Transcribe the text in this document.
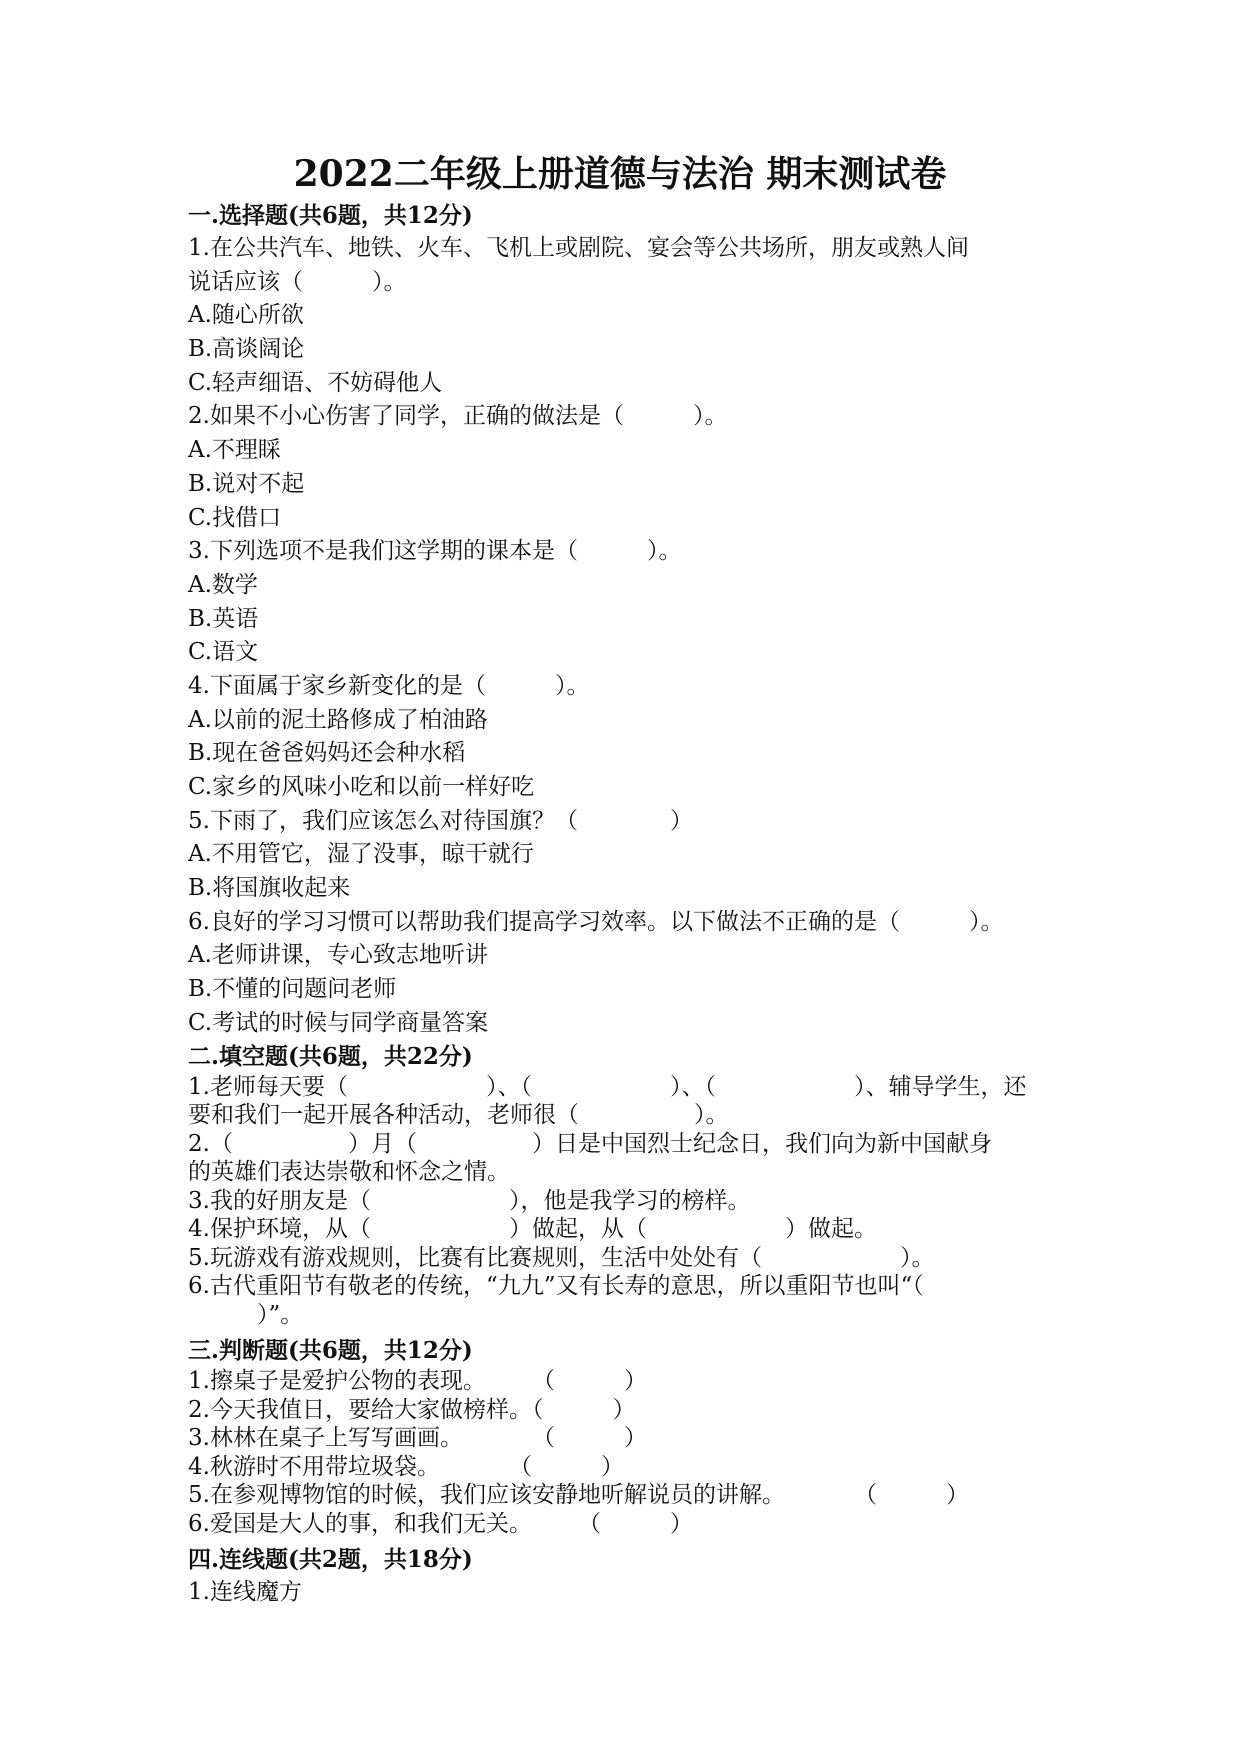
2022二年级上册道德与法治 期末测试卷
一.选择题(共6题，共12分)
1.在公共汽车、地铁、火车、飞机上或剧院、宴会等公共场所，朋友或熟人间
说话应该（　　　）。
A.随心所欲
B.高谈阔论
C.轻声细语、不妨碍他人
2.如果不小心伤害了同学，正确的做法是（　　　）。
A.不理睬
B.说对不起
C.找借口
3.下列选项不是我们这学期的课本是（　　　）。
A.数学
B.英语
C.语文
4.下面属于家乡新变化的是（　　　）。
A.以前的泥土路修成了柏油路
B.现在爸爸妈妈还会种水稻
C.家乡的风味小吃和以前一样好吃
5.下雨了，我们应该怎么对待国旗？（　　　　）
A.不用管它，湿了没事，晾干就行
B.将国旗收起来
6.良好的学习习惯可以帮助我们提高学习效率。以下做法不正确的是（　　　）。
A.老师讲课，专心致志地听讲
B.不懂的问题问老师
C.考试的时候与同学商量答案
二.填空题(共6题，共22分)
1.老师每天要（　　　　　　）、（　　　　　　）、（　　　　　　）、辅导学生，还
要和我们一起开展各种活动，老师很（　　　　　）。
2.（　　　　　）月（　　　　　）日是中国烈士纪念日，我们向为新中国献身
的英雄们表达崇敬和怀念之情。
3.我的好朋友是（　　　　　　），他是我学习的榜样。
4.保护环境，从（　　　　　　）做起，从（　　　　　　）做起。
5.玩游戏有游戏规则，比赛有比赛规则，生活中处处有（　　　　　　）。
6.古代重阳节有敬老的传统，“九九”又有长寿的意思，所以重阳节也叫“（
　　　）”。
三.判断题(共6题，共12分)
1.擦桌子是爱护公物的表现。　　　（　　　）
2.今天我值日，要给大家做榜样。（　　　）
3.林林在桌子上写写画画。　　　　（　　　）
4.秋游时不用带垃圾袋。　　　　（　　　）
5.在参观博物馆的时候，我们应该安静地听解说员的讲解。　　　　（　　　）
6.爱国是大人的事，和我们无关。　　　（　　　）
四.连线题(共2题，共18分)
1.连线魔方
